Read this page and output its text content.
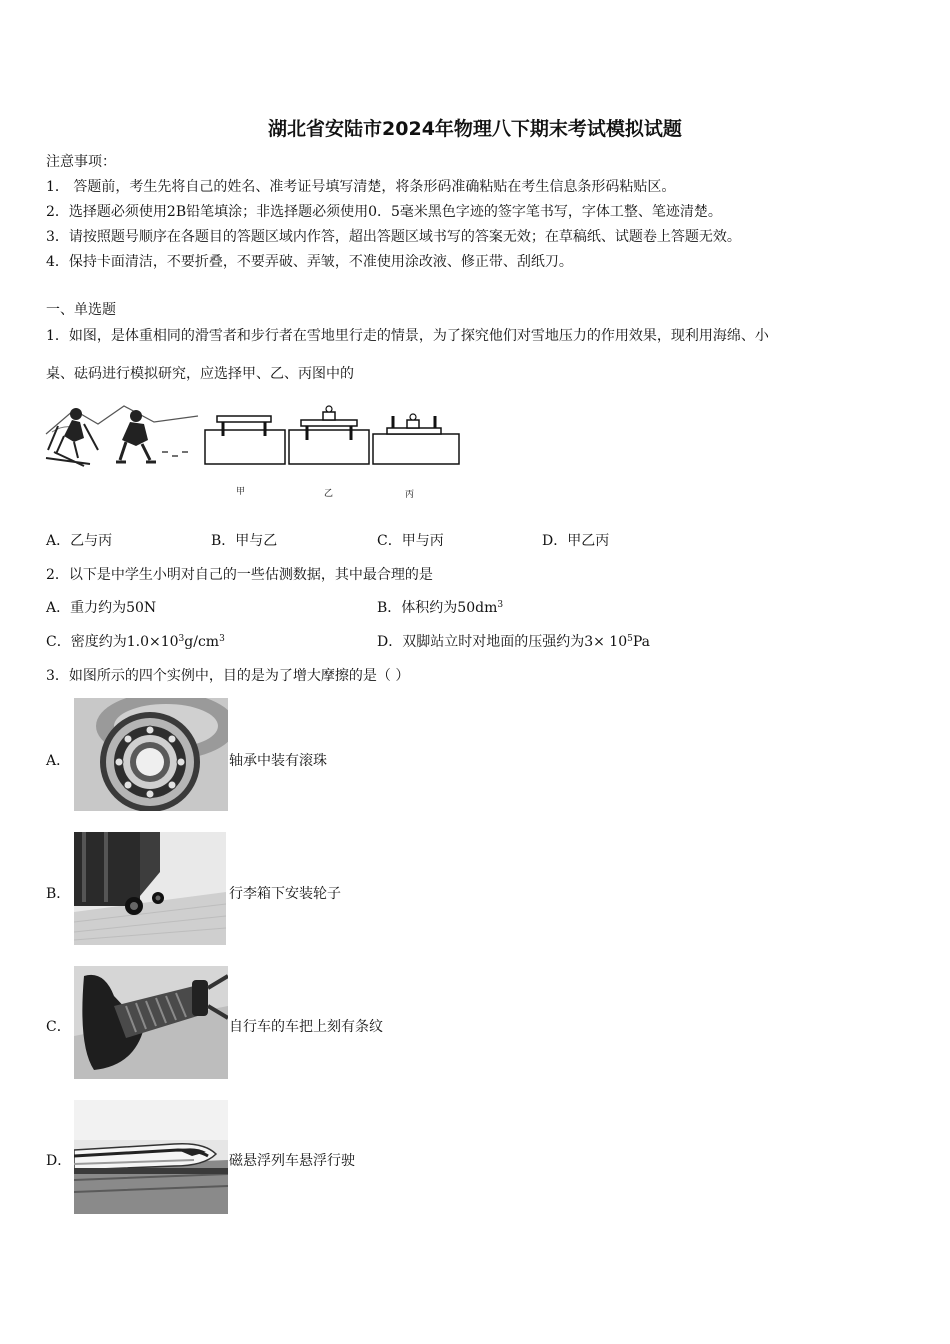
湖北省安陆市2024年物理八下期末考试模拟试题
注意事项：
1． 答题前，考生先将自己的姓名、准考证号填写清楚，将条形码准确粘贴在考生信息条形码粘贴区。
2．选择题必须使用2B铅笔填涂；非选择题必须使用0．5毫米黑色字迹的签字笔书写，字体工整、笔迹清楚。
3．请按照题号顺序在各题目的答题区域内作答，超出答题区域书写的答案无效；在草稿纸、试题卷上答题无效。
4．保持卡面清洁，不要折叠，不要弄破、弄皱，不准使用涂改液、修正带、刮纸刀。
一、单选题
1．如图，是体重相同的滑雪者和步行者在雪地里行走的情景，为了探究他们对雪地压力的作用效果，现利用海绵、小
桌、砝码进行模拟研究，应选择甲、乙、丙图中的
甲	乙	丙
A．乙与丙	B．甲与乙	C．甲与丙	D．甲乙丙
2．以下是中学生小明对自己的一些估测数据，其中最合理的是
A．重力约为50N	B．体积约为$50dm^3$
C．密度约为$1.0\times 10^3g/cm^3$	D．双脚站立时对地面的压强约为$3\times 10^5Pa$
3．如图所示的四个实例中，目的是为了增大摩擦的是（ ）
A．	轴承中装有滚珠
B．	行李箱下安装轮子
C．	自行车的车把上刻有条纹
D．	磁悬浮列车悬浮行驶
